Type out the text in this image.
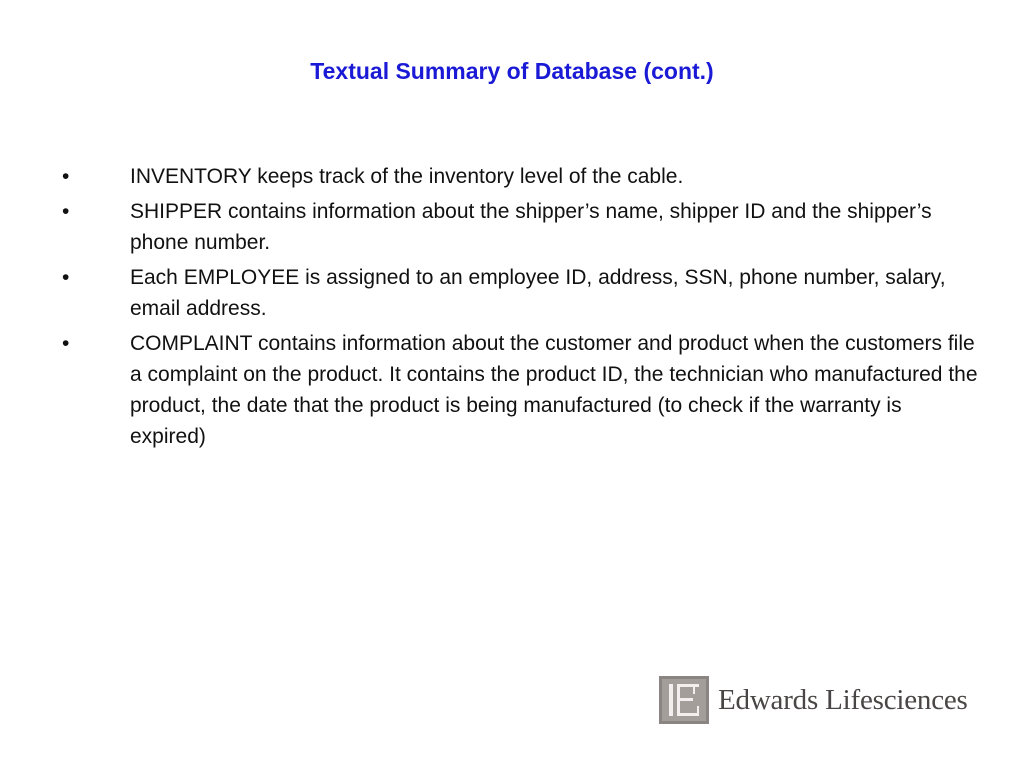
Textual Summary of Database (cont.)
•	INVENTORY keeps track of the inventory level of the cable.
•	SHIPPER contains information about the shipper’s name, shipper ID and the shipper’s phone number.
•	Each EMPLOYEE is assigned to an employee ID, address, SSN, phone number, salary, email address.
•	COMPLAINT contains information about the customer and product when the customers file a complaint on the product. It contains the product ID, the technician who manufactured the product, the date that the product is being manufactured (to check if the warranty is expired)
Edwards Lifesciences
